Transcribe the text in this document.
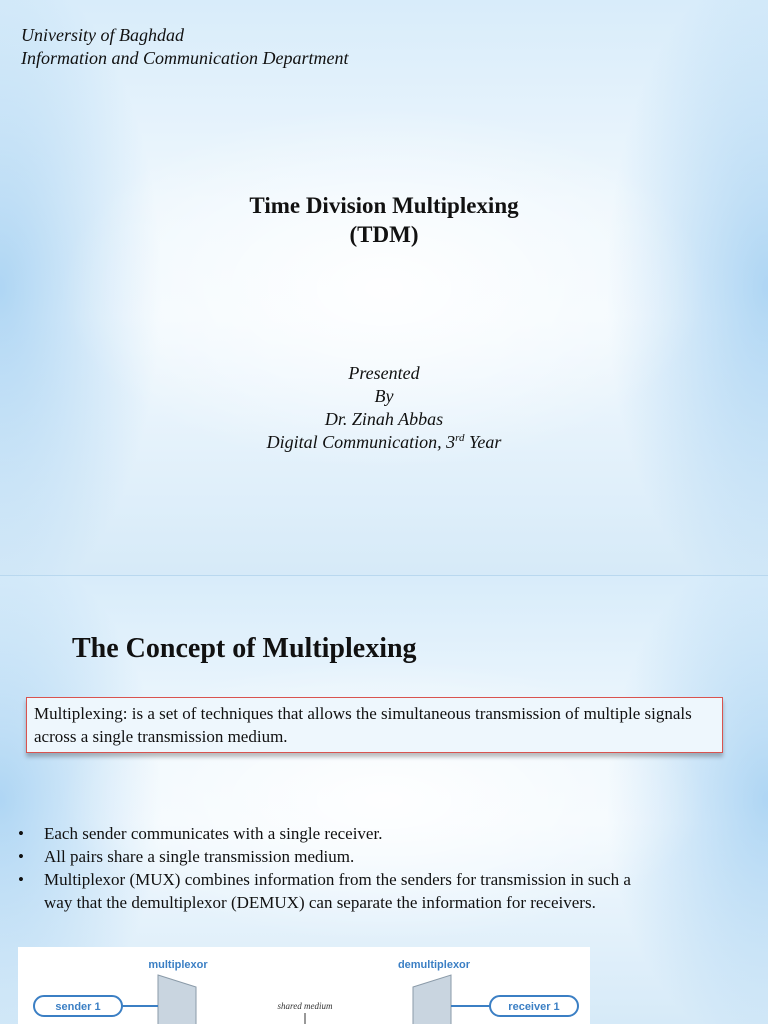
University of Baghdad
Information and Communication Department
Time Division Multiplexing
(TDM)
Presented
By
Dr. Zinah Abbas
Digital Communication, 3rd Year
The Concept of Multiplexing
Multiplexing: is a set of techniques that allows the simultaneous transmission of multiple signals across a single transmission medium.
• Each sender communicates with a single receiver.
• All pairs share a single transmission medium.
• Multiplexor (MUX) combines information from the senders for transmission in such a way that the demultiplexor (DEMUX) can separate the information for receivers.
multiplexor	demultiplexor
sender 1	receiver 1
shared medium
